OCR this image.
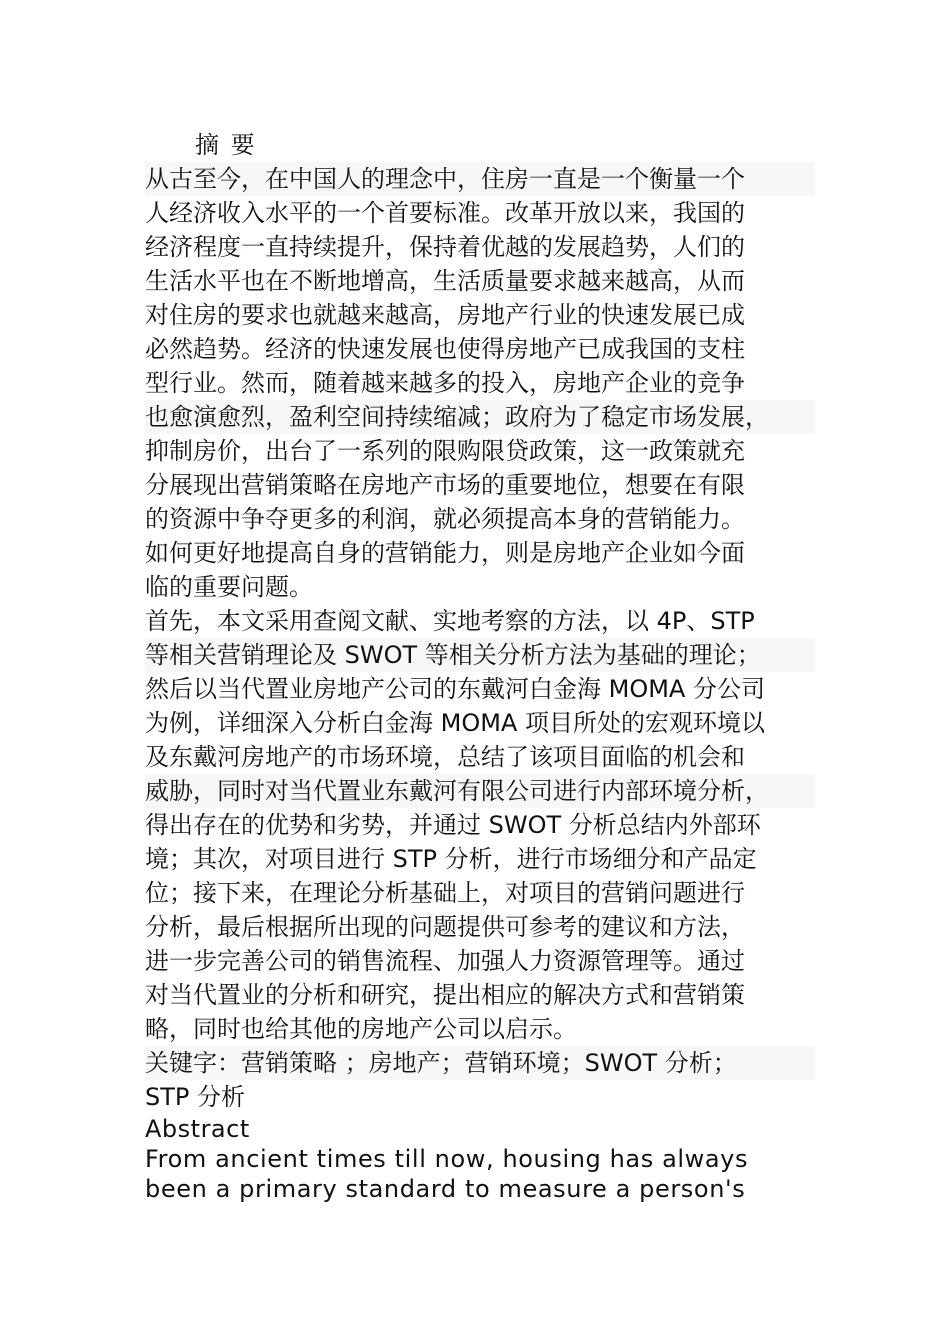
摘 要

从古至今，在中国人的理念中，住房一直是一个衡量一个
人经济收入水平的一个首要标准。改革开放以来，我国的
经济程度一直持续提升，保持着优越的发展趋势，人们的
生活水平也在不断地增高，生活质量要求越来越高，从而
对住房的要求也就越来越高，房地产行业的快速发展已成
必然趋势。经济的快速发展也使得房地产已成我国的支柱
型行业。然而，随着越来越多的投入，房地产企业的竞争
也愈演愈烈，盈利空间持续缩减；政府为了稳定市场发展，
抑制房价，出台了一系列的限购限贷政策，这一政策就充
分展现出营销策略在房地产市场的重要地位，想要在有限
的资源中争夺更多的利润，就必须提高本身的营销能力。
如何更好地提高自身的营销能力，则是房地产企业如今面
临的重要问题。
首先，本文采用查阅文献、实地考察的方法，以 4P、STP
等相关营销理论及 SWOT 等相关分析方法为基础的理论；
然后以当代置业房地产公司的东戴河白金海 MOMA 分公司
为例，详细深入分析白金海 MOMA 项目所处的宏观环境以
及东戴河房地产的市场环境，总结了该项目面临的机会和
威胁，同时对当代置业东戴河有限公司进行内部环境分析，
得出存在的优势和劣势，并通过 SWOT 分析总结内外部环
境；其次，对项目进行 STP 分析，进行市场细分和产品定
位；接下来，在理论分析基础上，对项目的营销问题进行
分析，最后根据所出现的问题提供可参考的建议和方法，
进一步完善公司的销售流程、加强人力资源管理等。通过
对当代置业的分析和研究，提出相应的解决方式和营销策
略，同时也给其他的房地产公司以启示。
关键字：营销策略 ；房地产；营销环境；SWOT 分析；
STP 分析

Abstract

From ancient times till now, housing has always
been a primary standard to measure a person's
